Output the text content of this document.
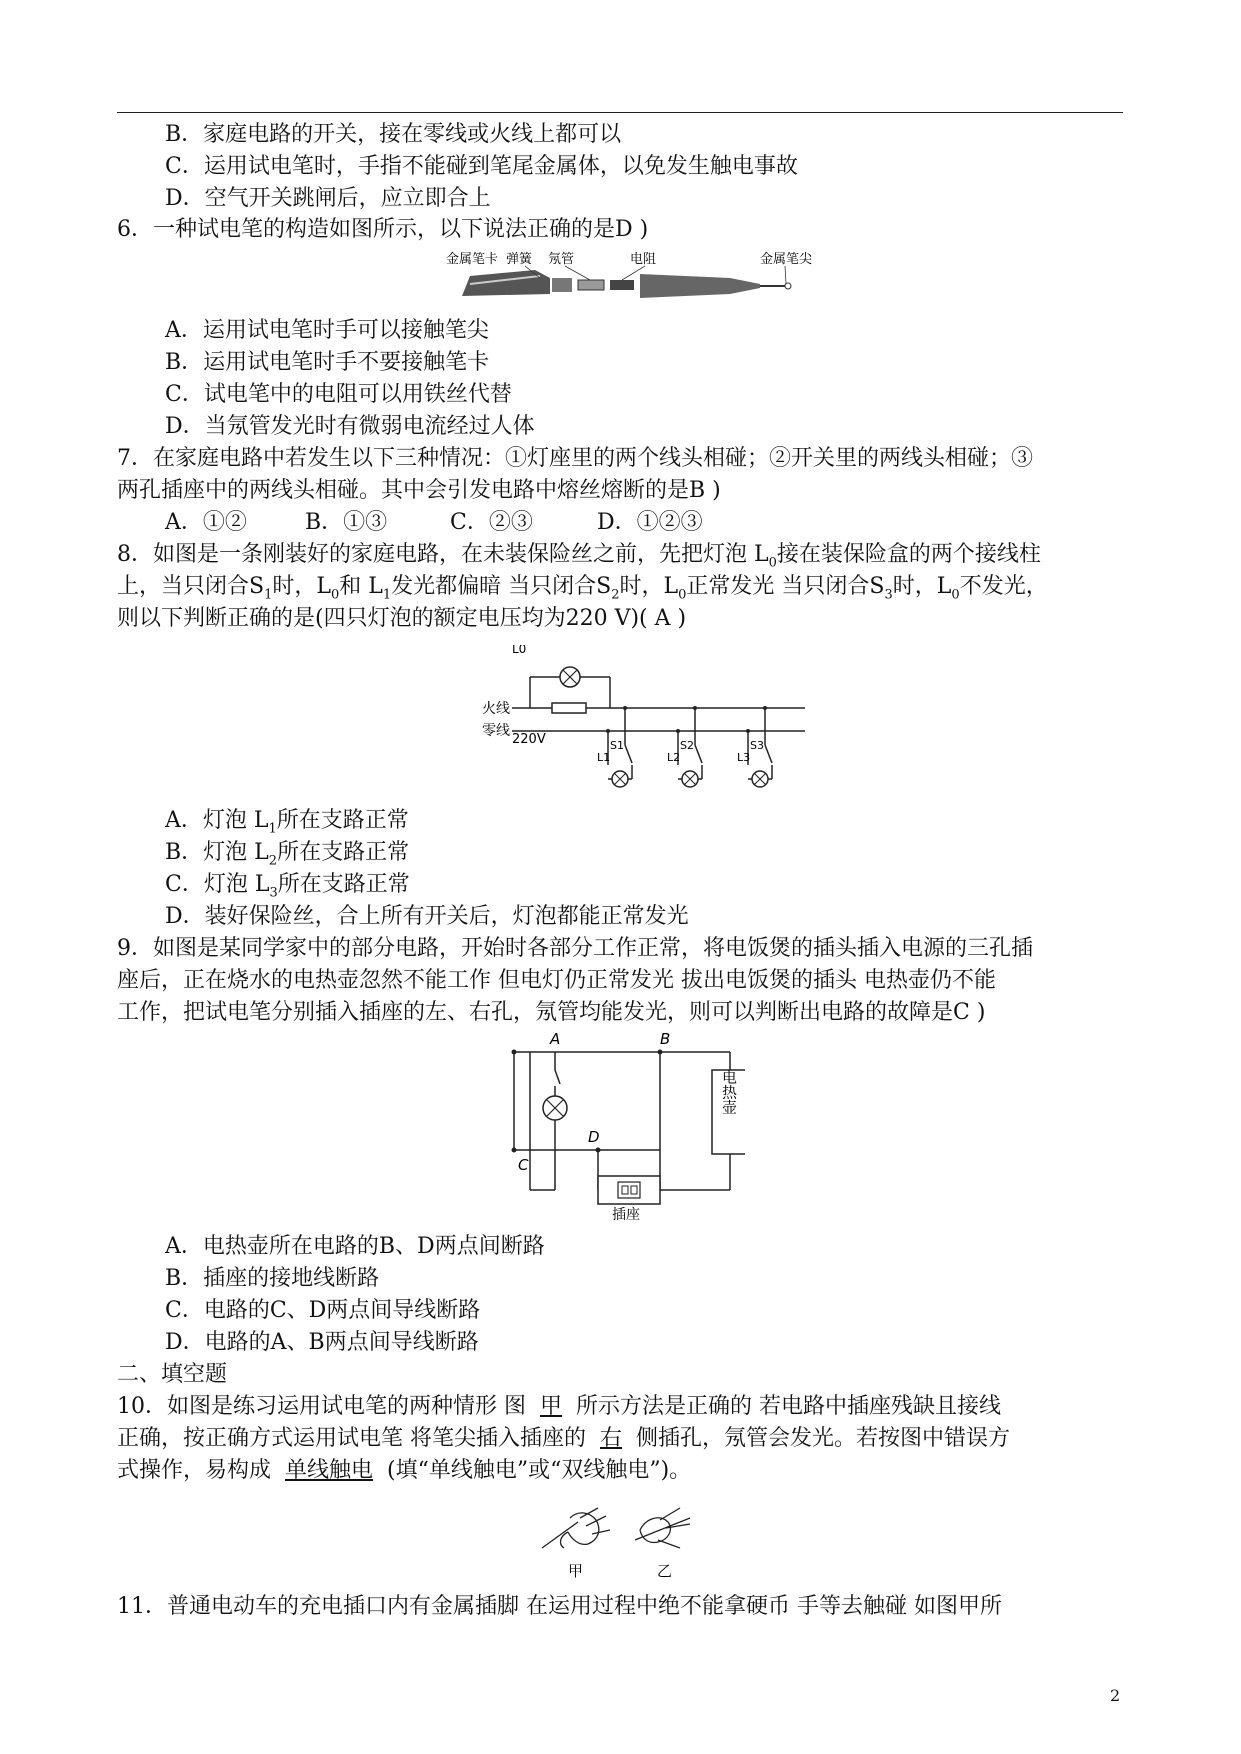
B．家庭电路的开关，接在零线或火线上都可以
C．运用试电笔时，手指不能碰到笔尾金属体，以免发生触电事故
D．空气开关跳闸后，应立即合上
6．一种试电笔的构造如图所示，以下说法正确的是D )
金属笔卡 弹簧 氖管	电阻	金属笔尖
A．运用试电笔时手可以接触笔尖
B．运用试电笔时手不要接触笔卡
C．试电笔中的电阻可以用铁丝代替
D．当氖管发光时有微弱电流经过人体
7．在家庭电路中若发生以下三种情况：①灯座里的两个线头相碰；②开关里的两线头相碰；③
两孔插座中的两线头相碰。其中会引发电路中熔丝熔断的是B )
A．①②	B．①③	C．②③	D．①②③
8．如图是一条刚装好的家庭电路，在未装保险丝之前，先把灯泡 $L_0$接在装保险盒的两个接线柱
上，当只闭合$S_1$时，$L_0$和 $L_1$发光都偏暗 当只闭合$S_2$时，$L_0$正常发光 当只闭合$S_3$时，$L_0$不发光，
则以下判断正确的是(四只灯泡的额定电压均为220 V)( A )
L0
火线
零线
220V	S1
L1
S2
L2
S3
L3
A．灯泡 $L_1$所在支路正常
B．灯泡 $L_2$所在支路正常
C．灯泡 $L_3$所在支路正常
D．装好保险丝，合上所有开关后，灯泡都能正常发光
9．如图是某同学家中的部分电路，开始时各部分工作正常，将电饭煲的插头插入电源的三孔插
座后，正在烧水的电热壶忽然不能工作 但电灯仍正常发光 拔出电饭煲的插头 电热壶仍不能
工作，把试电笔分别插入插座的左、右孔，氖管均能发光，则可以判断出电路的故障是C )
A	B
C
D
插座
电热壶
A．电热壶所在电路的B、D两点间断路
B．插座的接地线断路
C．电路的C、D两点间导线断路
D．电路的A、B两点间导线断路
二、填空题
10．如图是练习运用试电笔的两种情形 图 甲 所示方法是正确的 若电路中插座残缺且接线
正确，按正确方式运用试电笔 将笔尖插入插座的 右 侧插孔，氖管会发光。若按图中错误方
式操作，易构成 单线触电 (填“单线触电”或“双线触电”)。
甲	乙
11．普通电动车的充电插口内有金属插脚 在运用过程中绝不能拿硬币 手等去触碰 如图甲所
2
